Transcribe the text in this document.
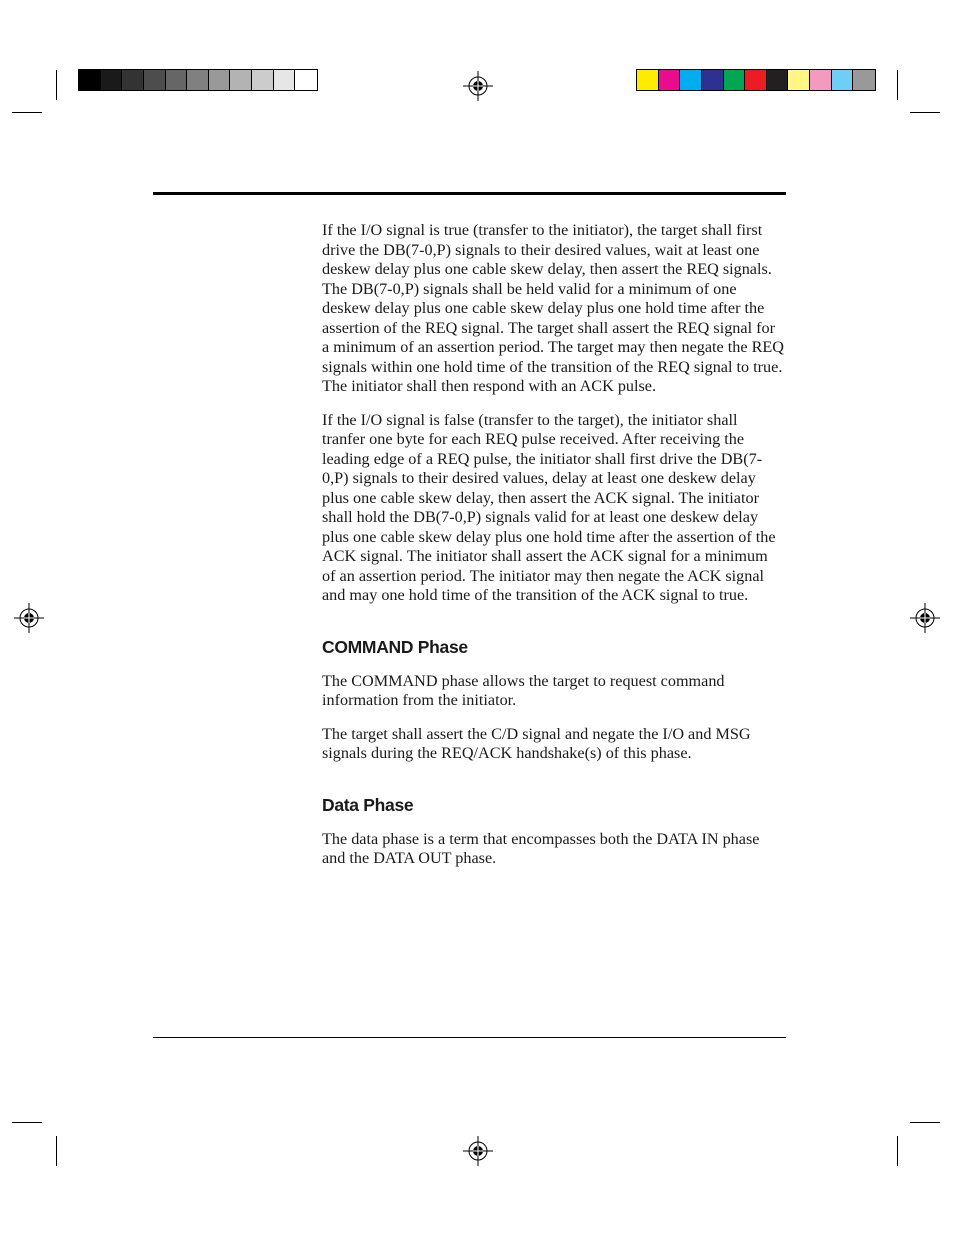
If the I/O signal is true (transfer to the initiator), the target shall first drive the DB(7-0,P) signals to their desired values, wait at least one deskew delay plus one cable skew delay, then assert the REQ signals. The DB(7-0,P) signals shall be held valid for a minimum of one deskew delay plus one cable skew delay plus one hold time after the assertion of the REQ signal. The target shall assert the REQ signal for a minimum of an assertion period. The target may then negate the REQ signals within one hold time of the transition of the REQ signal to true. The initiator shall then respond with an ACK pulse.

If the I/O signal is false (transfer to the target), the initiator shall tranfer one byte for each REQ pulse received. After receiving the leading edge of a REQ pulse, the initiator shall first drive the DB(7-0,P) signals to their desired values, delay at least one deskew delay plus one cable skew delay, then assert the ACK signal. The initiator shall hold the DB(7-0,P) signals valid for at least one deskew delay plus one cable skew delay plus one hold time after the assertion of the ACK signal. The initiator shall assert the ACK signal for a minimum of an assertion period. The initiator may then negate the ACK signal and may one hold time of the transition of the ACK signal to true.

COMMAND Phase

The COMMAND phase allows the target to request command information from the initiator.

The target shall assert the C/D signal and negate the I/O and MSG signals during the REQ/ACK handshake(s) of this phase.

Data Phase

The data phase is a term that encompasses both the DATA IN phase and the DATA OUT phase.
